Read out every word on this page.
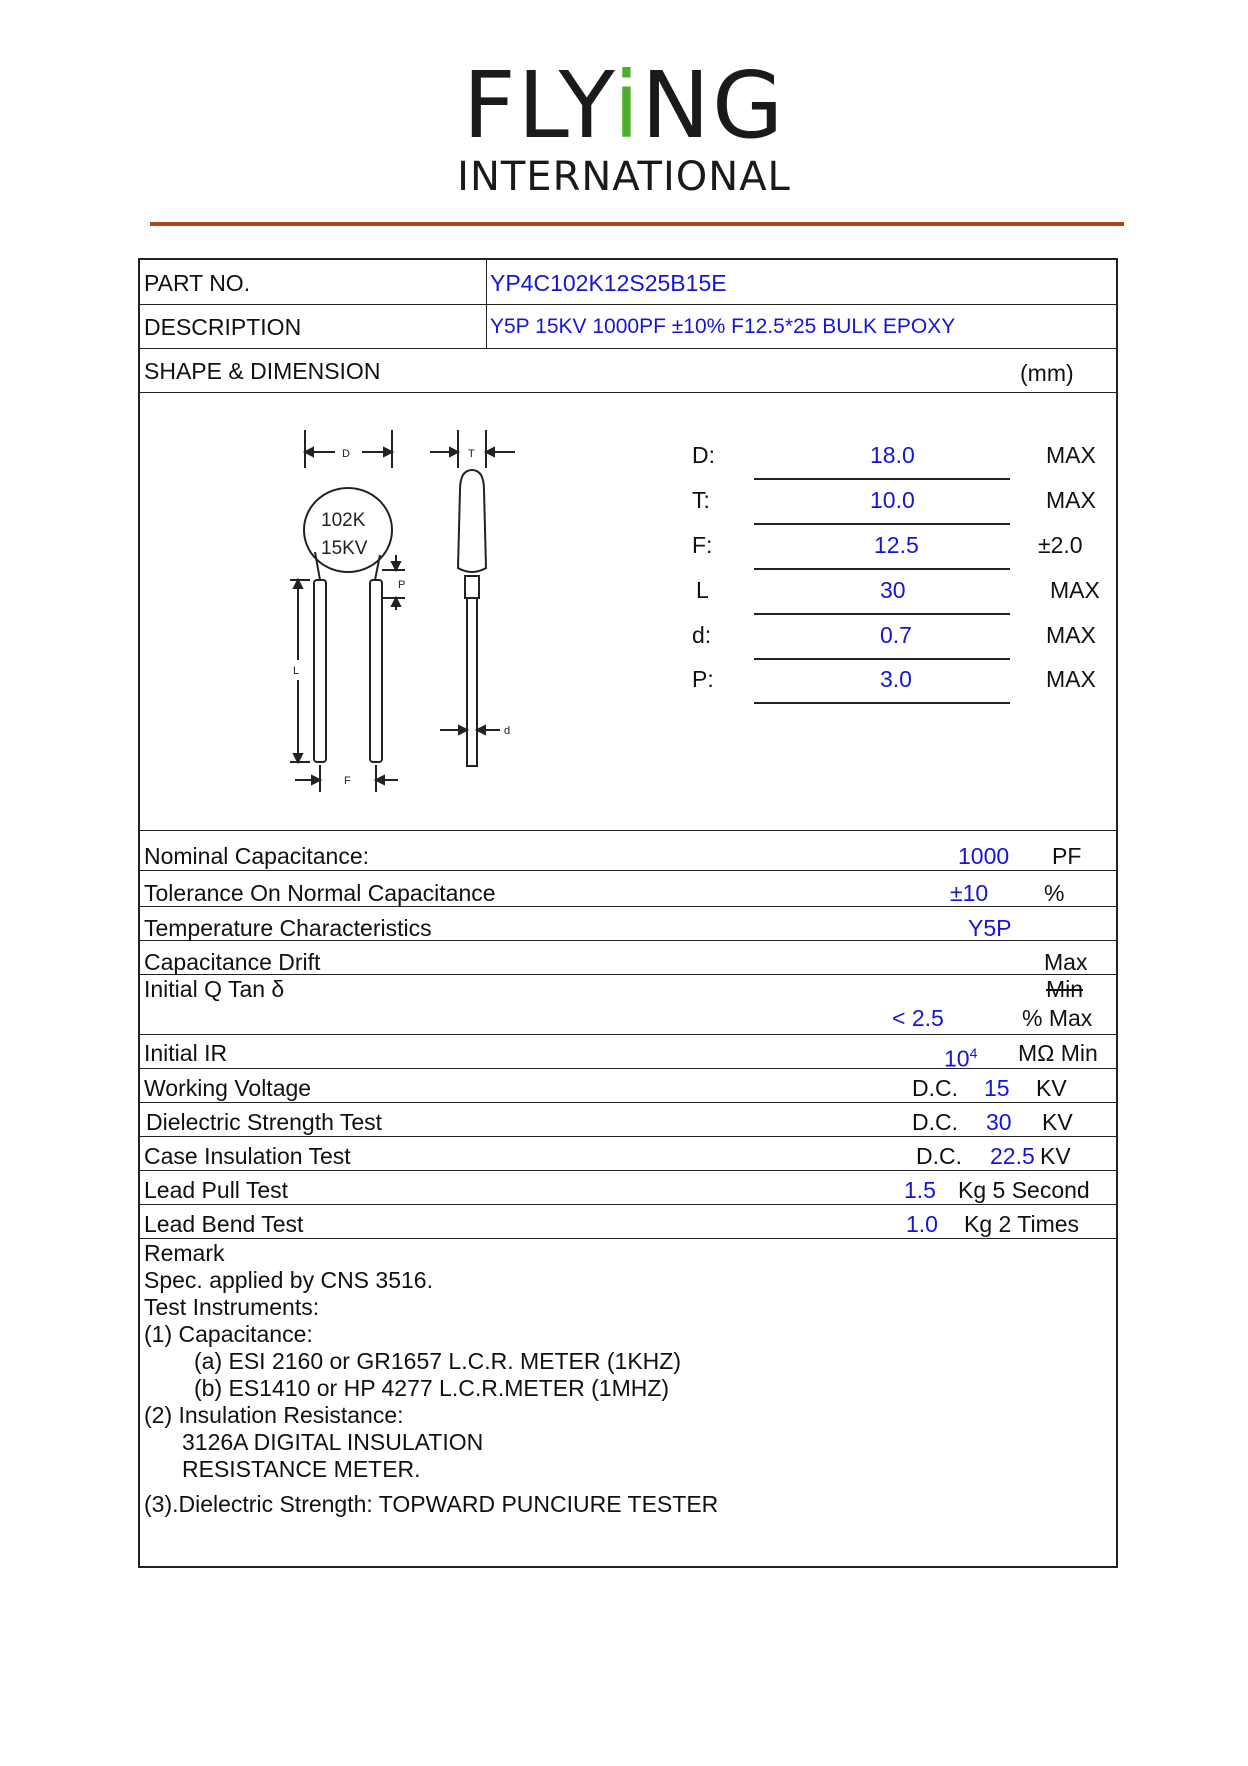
FLYiNG
INTERNATIONAL
PART NO.	YP4C102K12S25B15E
DESCRIPTION	Y5P 15KV 1000PF ±10% F12.5*25 BULK EPOXY
SHAPE & DIMENSION	(mm)
D	T
102K
15KV
P
L
F
d
D:	18.0	MAX
T:	10.0	MAX
F:	12.5	±2.0
L	30	MAX
d:	0.7	MAX
P:	3.0	MAX
Nominal Capacitance:	1000 PF
Tolerance On Normal Capacitance	±10 %
Temperature Characteristics	Y5P
Capacitance Drift	Max
Initial Q Tan δ	Min
< 2.5	% Max
Initial IR	$10^4$ MΩ Min
Working Voltage	D.C. 15 KV
Dielectric Strength Test	D.C. 30 KV
Case Insulation Test	D.C. 22.5 KV
Lead Pull Test	1.5 Kg 5 Second
Lead Bend Test	1.0 Kg 2 Times
Remark
Spec. applied by CNS 3516.
Test Instruments:
(1) Capacitance:
(a) ESI 2160 or GR1657 L.C.R. METER (1KHZ)
(b) ES1410 or HP 4277 L.C.R.METER (1MHZ)
(2) Insulation Resistance:
3126A DIGITAL INSULATION
RESISTANCE METER.
(3).Dielectric Strength: TOPWARD PUNCIURE TESTER
